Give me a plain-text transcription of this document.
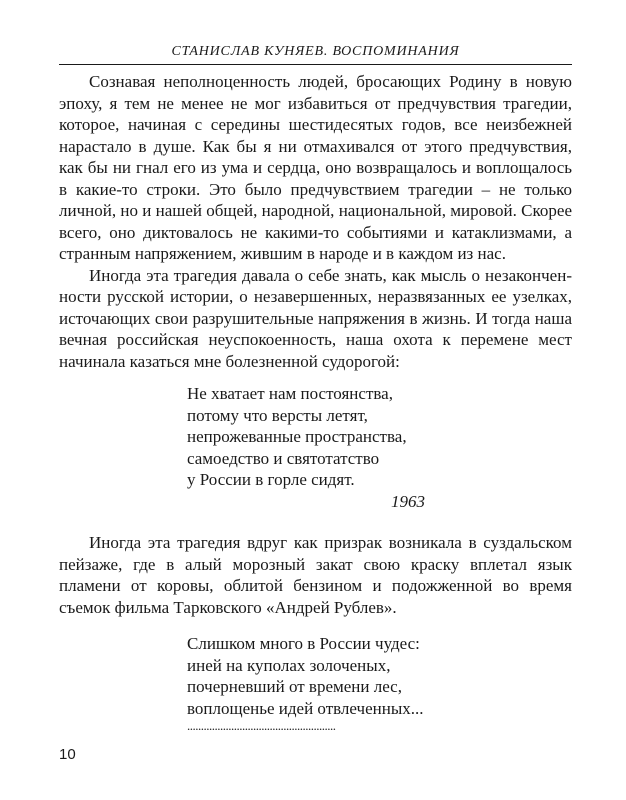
СТАНИСЛАВ КУНЯЕВ. ВОСПОМИНАНИЯ

Сознавая неполноценность людей, бросающих Родину в новую эпоху, я тем не менее не мог избавиться от предчувствия трагедии, которое, начиная с середины шестидесятых годов, все неизбежней нарастало в душе. Как бы я ни отмахивался от этого предчувствия, как бы ни гнал его из ума и сердца, оно возвращалось и воплощалось в какие-то строки. Это было предчувствием трагедии – не только личной, но и нашей общей, народной, национальной, мировой. Скорее всего, оно диктовалось не какими-то событиями и катаклизмами, а странным напряжением, жившим в народе и в каждом из нас.

Иногда эта трагедия давала о себе знать, как мысль о незаконченности русской истории, о незавершенных, неразвязанных ее узелках, источающих свои разрушительные напряжения в жизнь. И тогда наша вечная российская неуспокоенность, наша охота к перемене мест начинала казаться мне болезненной судорогой:

Не хватает нам постоянства,
потому что версты летят,
непрожеванные пространства,
самоедство и святотатство
у России в горле сидят.
1963

Иногда эта трагедия вдруг как призрак возникала в суздальском пейзаже, где в алый морозный закат свою краску вплетал язык пламени от коровы, облитой бензином и подожженной во время съемок фильма Тарковского «Андрей Рублев».

Слишком много в России чудес:
иней на куполах золоченых,
почерневший от времени лес,
воплощенье идей отвлеченных...
......................................................
10
